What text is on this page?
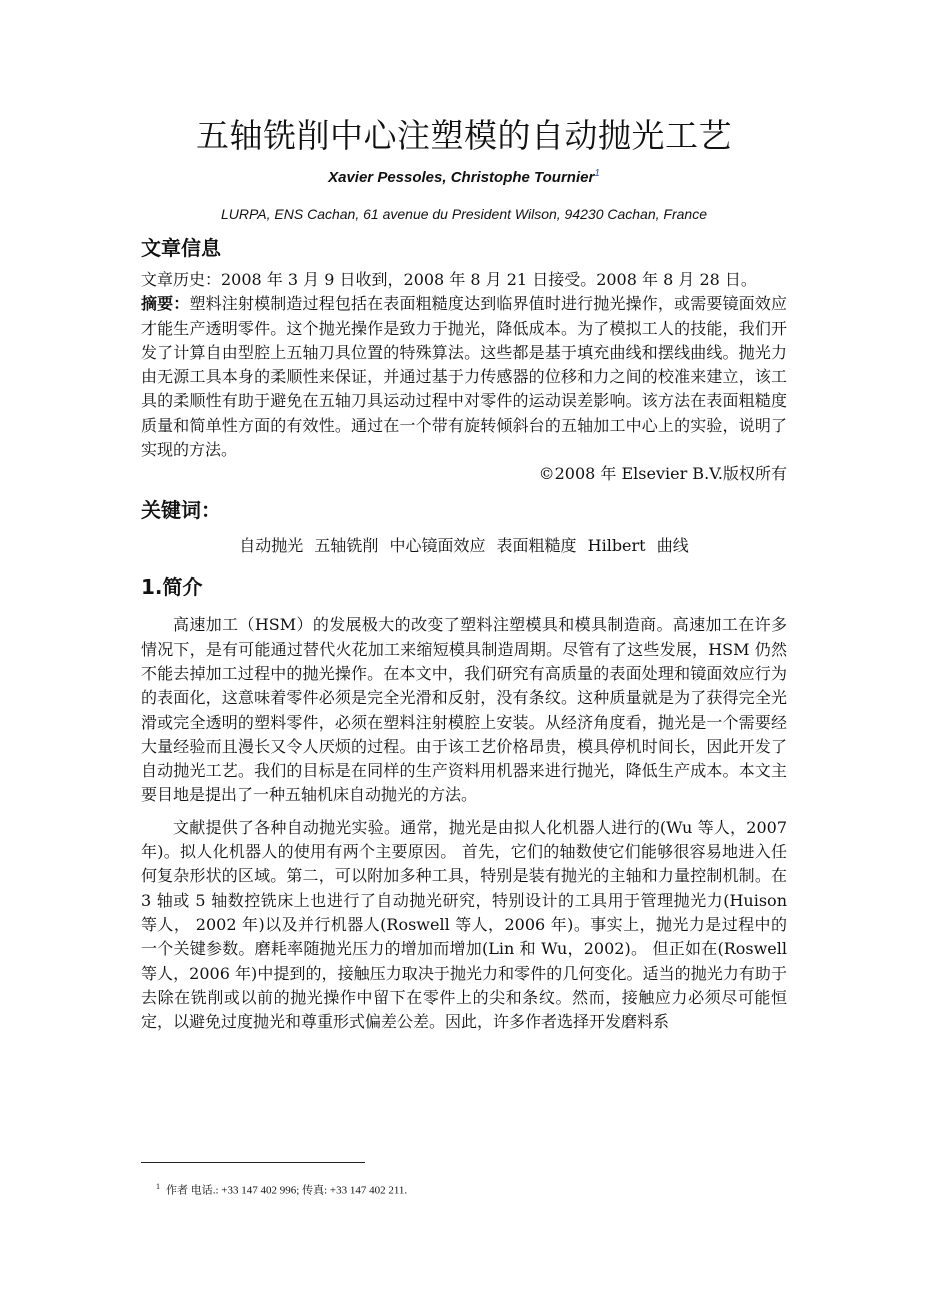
五轴铣削中心注塑模的自动抛光工艺

Xavier Pessoles, Christophe Tournier$^1$

LURPA, ENS Cachan, 61 avenue du President Wilson, 94230 Cachan, France

文章信息

文章历史：2008 年 3 月 9 日收到，2008 年 8 月 21 日接受。2008 年 8 月 28 日。

摘要：塑料注射模制造过程包括在表面粗糙度达到临界值时进行抛光操作，或需要镜面效应才能生产透明零件。这个抛光操作是致力于抛光，降低成本。为了模拟工人的技能，我们开发了计算自由型腔上五轴刀具位置的特殊算法。这些都是基于填充曲线和摆线曲线。抛光力由无源工具本身的柔顺性来保证，并通过基于力传感器的位移和力之间的校准来建立，该工具的柔顺性有助于避免在五轴刀具运动过程中对零件的运动误差影响。该方法在表面粗糙度质量和简单性方面的有效性。通过在一个带有旋转倾斜台的五轴加工中心上的实验，说明了实现的方法。

©2008 年 Elsevier B.V.版权所有

关键词：

自动抛光 五轴铣削 中心镜面效应 表面粗糙度 Hilbert 曲线

1.简介

高速加工（HSM）的发展极大的改变了塑料注塑模具和模具制造商。高速加工在许多情况下，是有可能通过替代火花加工来缩短模具制造周期。尽管有了这些发展，HSM 仍然不能去掉加工过程中的抛光操作。在本文中，我们研究有高质量的表面处理和镜面效应行为的表面化，这意味着零件必须是完全光滑和反射，没有条纹。这种质量就是为了获得完全光滑或完全透明的塑料零件，必须在塑料注射模腔上安装。从经济角度看，抛光是一个需要经大量经验而且漫长又令人厌烦的过程。由于该工艺价格昂贵，模具停机时间长，因此开发了自动抛光工艺。我们的目标是在同样的生产资料用机器来进行抛光，降低生产成本。本文主要目地是提出了一种五轴机床自动抛光的方法。

文献提供了各种自动抛光实验。通常，抛光是由拟人化机器人进行的(Wu 等人，2007 年)。拟人化机器人的使用有两个主要原因。 首先，它们的轴数使它们能够很容易地进入任何复杂形状的区域。第二，可以附加多种工具，特别是装有抛光的主轴和力量控制机制。在 3 轴或 5 轴数控铣床上也进行了自动抛光研究，特别设计的工具用于管理抛光力(Huison 等人， 2002 年)以及并行机器人(Roswell 等人，2006 年)。事实上，抛光力是过程中的一个关键参数。磨耗率随抛光压力的增加而增加(Lin 和 Wu，2002)。 但正如在(Roswell 等人，2006 年)中提到的，接触压力取决于抛光力和零件的几何变化。适当的抛光力有助于去除在铣削或以前的抛光操作中留下在零件上的尖和条纹。然而，接触应力必须尽可能恒定，以避免过度抛光和尊重形式偏差公差。因此，许多作者选择开发磨料系

$^1$ 作者 电话.: +33 147 402 996; 传真: +33 147 402 211.
